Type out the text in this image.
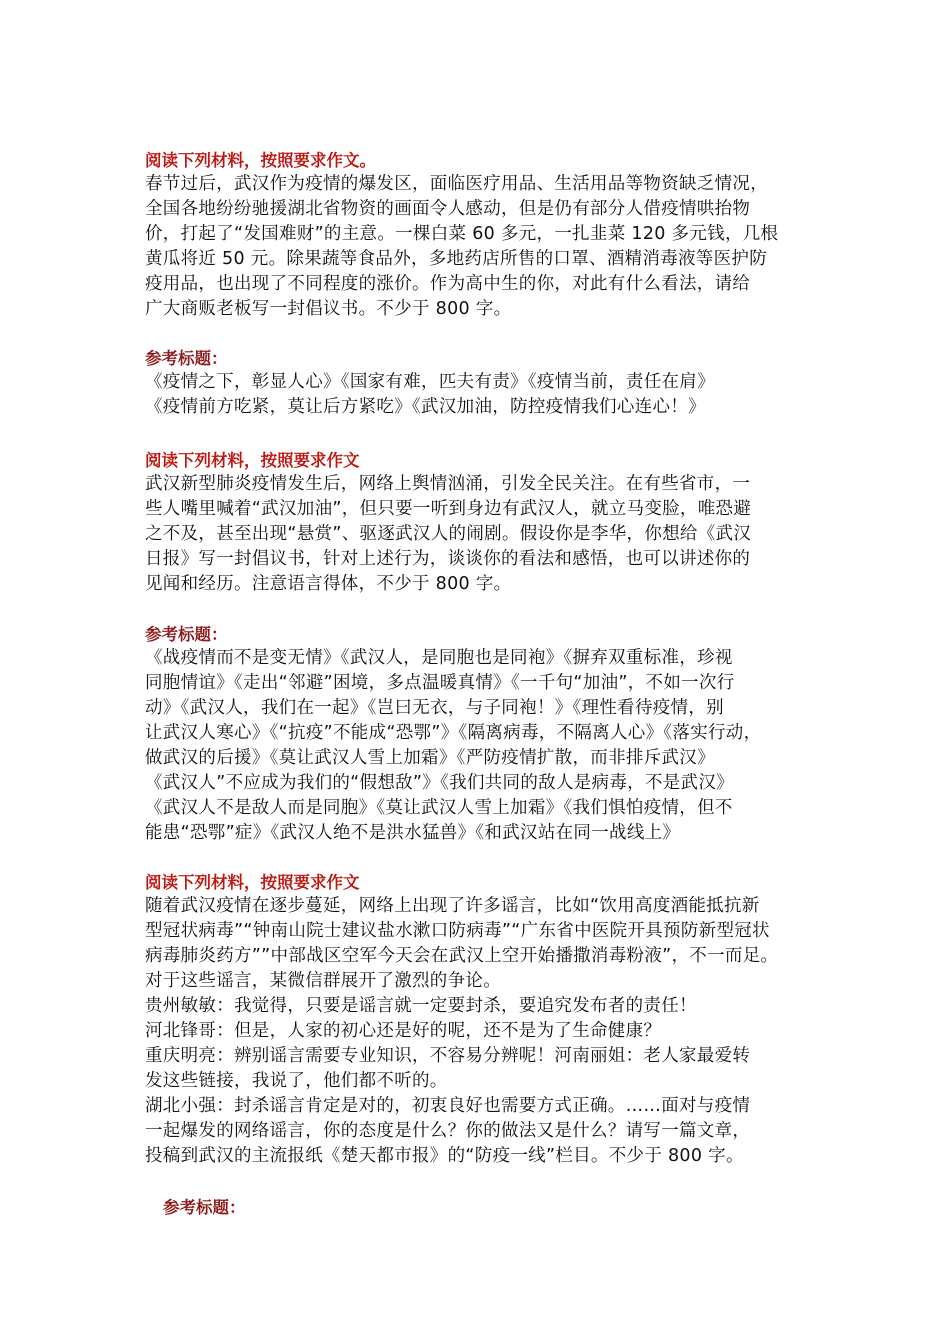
阅读下列材料，按照要求作文。
春节过后，武汉作为疫情的爆发区，面临医疗用品、生活用品等物资缺乏情况，
全国各地纷纷驰援湖北省物资的画面令人感动，但是仍有部分人借疫情哄抬物
价，打起了“发国难财”的主意。一棵白菜 60 多元，一扎韭菜 120 多元钱，几根
黄瓜将近 50 元。除果蔬等食品外，多地药店所售的口罩、酒精消毒液等医护防
疫用品，也出现了不同程度的涨价。作为高中生的你，对此有什么看法，请给
广大商贩老板写一封倡议书。不少于 800 字。
参考标题：
《疫情之下，彰显人心》《国家有难，匹夫有责》《疫情当前，责任在肩》
《疫情前方吃紧，莫让后方紧吃》《武汉加油，防控疫情我们心连心！》
阅读下列材料，按照要求作文
武汉新型肺炎疫情发生后，网络上舆情汹涌，引发全民关注。在有些省市，一
些人嘴里喊着“武汉加油”，但只要一听到身边有武汉人，就立马变脸，唯恐避
之不及，甚至出现“悬赏”、驱逐武汉人的闹剧。假设你是李华，你想给《武汉
日报》写一封倡议书，针对上述行为，谈谈你的看法和感悟，也可以讲述你的
见闻和经历。注意语言得体，不少于 800 字。
参考标题：
《战疫情而不是变无情》《武汉人，是同胞也是同袍》《摒弃双重标准，珍视
同胞情谊》《走出“邻避”困境，多点温暖真情》《一千句“加油”，不如一次行
动》《武汉人，我们在一起》《岂曰无衣，与子同袍！》《理性看待疫情，别
让武汉人寒心》《“抗疫”不能成“恐鄂”》《隔离病毒，不隔离人心》《落实行动，
做武汉的后援》《莫让武汉人雪上加霜》《严防疫情扩散，而非排斥武汉》
《武汉人”不应成为我们的“假想敌”》《我们共同的敌人是病毒，不是武汉》
《武汉人不是敌人而是同胞》《莫让武汉人雪上加霜》《我们惧怕疫情，但不
能患“恐鄂”症》《武汉人绝不是洪水猛兽》《和武汉站在同一战线上》
阅读下列材料，按照要求作文
随着武汉疫情在逐步蔓延，网络上出现了许多谣言，比如“饮用高度酒能抵抗新
型冠状病毒”“钟南山院士建议盐水漱口防病毒”“广东省中医院开具预防新型冠状
病毒肺炎药方””中部战区空军今天会在武汉上空开始播撒消毒粉液”，不一而足。
对于这些谣言，某微信群展开了激烈的争论。
贵州敏敏：我觉得，只要是谣言就一定要封杀，要追究发布者的责任！
河北锋哥：但是，人家的初心还是好的呢，还不是为了生命健康？
重庆明亮：辨别谣言需要专业知识，不容易分辨呢！河南丽姐：老人家最爱转
发这些链接，我说了，他们都不听的。
湖北小强：封杀谣言肯定是对的，初衷良好也需要方式正确。……面对与疫情
一起爆发的网络谣言，你的态度是什么？你的做法又是什么？请写一篇文章，
投稿到武汉的主流报纸《楚天都市报》的“防疫一线”栏目。不少于 800 字。
参考标题：
